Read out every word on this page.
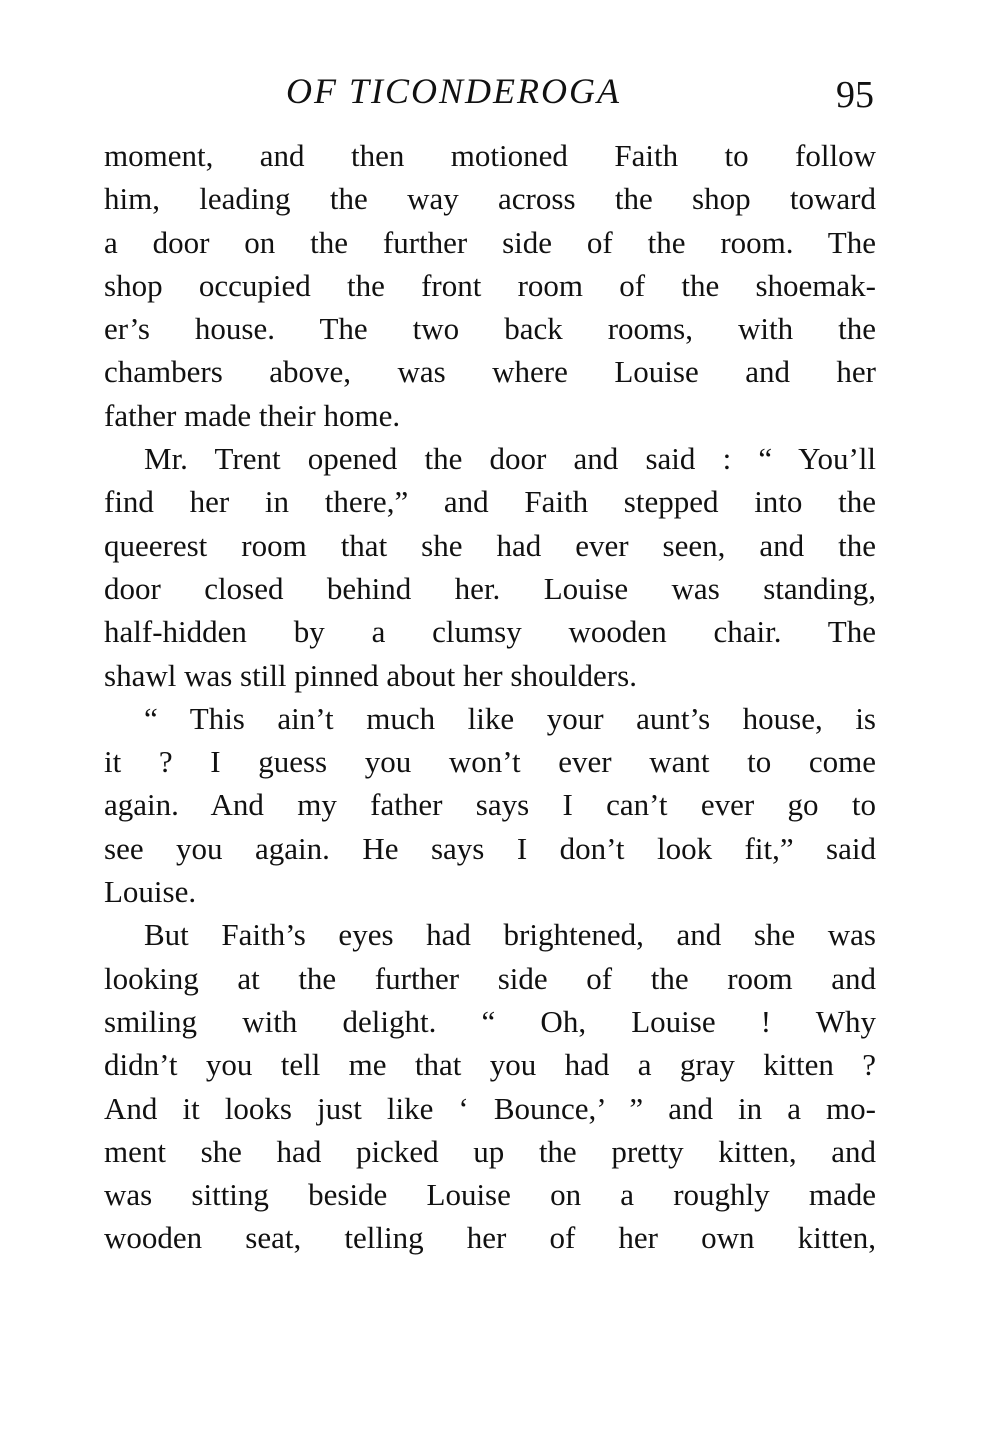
OF TICONDEROGA	95

moment, and then motioned Faith to follow
him, leading the way across the shop toward
a door on the further side of the room. The
shop occupied the front room of the shoemak-
er’s house. The two back rooms, with the
chambers above, was where Louise and her
father made their home.

Mr. Trent opened the door and said : “ You’ll
find her in there,” and Faith stepped into the
queerest room that she had ever seen, and the
door closed behind her. Louise was standing,
half-hidden by a clumsy wooden chair. The
shawl was still pinned about her shoulders.

“ This ain’t much like your aunt’s house, is
it ? I guess you won’t ever want to come
again. And my father says I can’t ever go to
see you again. He says I don’t look fit,” said
Louise.

But Faith’s eyes had brightened, and she was
looking at the further side of the room and
smiling with delight. “ Oh, Louise ! Why
didn’t you tell me that you had a gray kitten ?
And it looks just like ‘ Bounce,’ ” and in a mo-
ment she had picked up the pretty kitten, and
was sitting beside Louise on a roughly made
wooden seat, telling her of her own kitten,
